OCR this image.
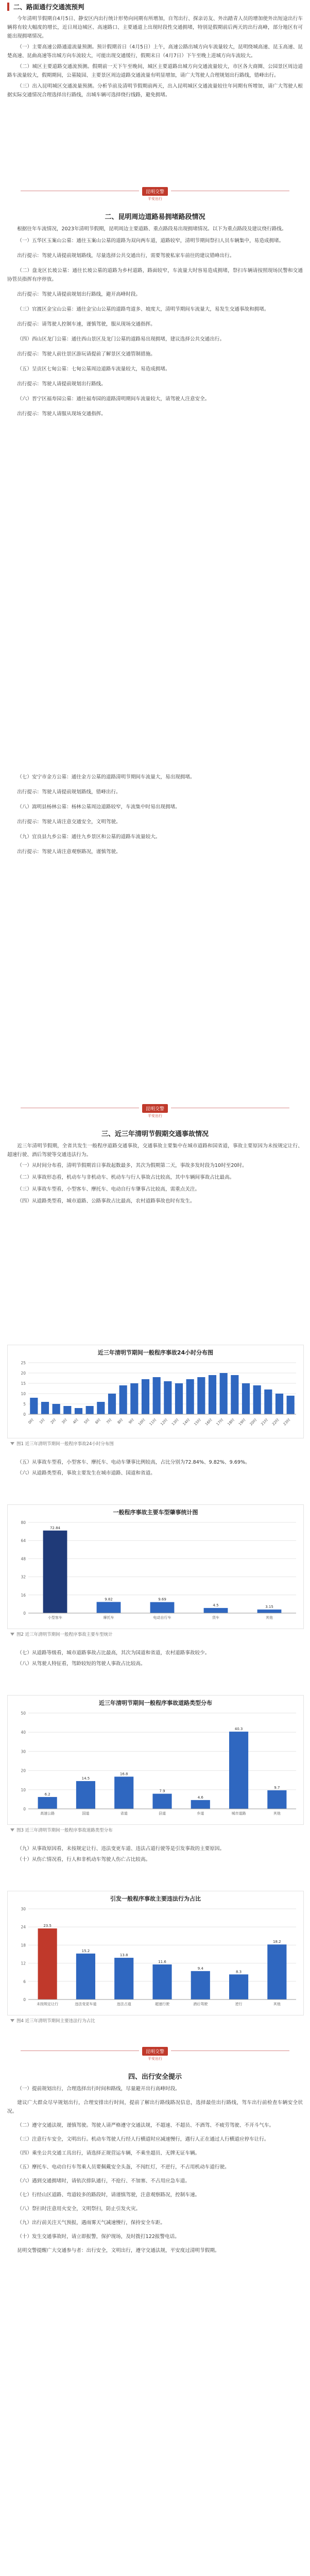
二、路面通行交通流预判

今年清明节假期自4月5日、静安区内出行统计形势向同期有所增加，自驾出行、探亲访友、外出踏青人员的增加使外出短途出行车辆将有较大幅度的增长，近日周边城区、高速路口、主要通道上出现时段性交通拥堵，特别是假期前后两天的出行高峰，部分地区有可能出现拥堵情况。

（一）主要高速公路通道流量预测。预计假期首日（4月5日）上午，高速公路出城方向车流量较大，昆明绕城高速、昆玉高速、昆楚高速、昆曲高速等出城方向车流较大，可能出现交通缓行，假期末日（4月7日）下午至晚上进城方向车流较大。

（二）城区主要道路交通流预测。假期前一天下午至晚间，城区主要道路出城方向交通流量较大，市区各大商圈、公园景区周边道路车流量较大，假期期间，公墓陵园、主要景区周边道路交通流量有明显增加，请广大驾驶人合理规划出行路线，错峰出行。

（三）出入昆明城区交通流量预测。分析节前及清明节假期前两天，出入昆明城区交通流量较往年同期有所增加，请广大驾驶人根据实际交通情况合理选择出行路线，出城车辆可选择绕行线路，避免拥堵。

昆明交警
平安出行
二、昆明周边道路易拥堵路段情况

根据往年车流情况，2023年清明节假期，昆明周边主要道路、重点路段易出现拥堵情况。以下为重点路段及建议绕行路线。

（一）五华区玉案山公墓：通往玉案山公墓的道路为双向两车道，道路较窄，清明节期间祭扫人员车辆集中，易造成拥堵。

出行提示：驾驶人请提前规划路线，尽量选择公共交通出行，需要驾驶私家车前往的建议错峰出行。

（二）盘龙区长坡公墓：通往长坡公墓的道路为乡村道路，路面较窄，车流量大时容易造成拥堵，祭扫车辆请按照现场民警和交通协管员指挥有序停放。

出行提示：驾驶人请提前规划出行路线，避开高峰时段。

（三）官渡区金宝山公墓：通往金宝山公墓的道路弯道多、坡度大，清明节期间车流量大，易发生交通事故和拥堵。

出行提示：请驾驶人控制车速，谨慎驾驶，服从现场交通指挥。

（四）西山区龙门公墓：通往西山景区及龙门公墓的道路易出现拥堵，建议选择公共交通出行。

出行提示：驾驶人前往景区游玩请提前了解景区交通管制措施。

（五）呈贡区七甸公墓：七甸公墓周边道路车流量较大，易造成拥堵。

出行提示：驾驶人请提前规划出行路线。

（六）晋宁区福寿园公墓：通往福寿园的道路清明期间车流量较大，请驾驶人注意安全。

出行提示：驾驶人请服从现场交通指挥。

（七）安宁市金方公墓：通往金方公墓的道路清明节期间车流量大，易出现拥堵。

出行提示：驾驶人请提前规划路线，错峰出行。

（八）嵩明县杨林公墓：杨林公墓周边道路较窄，车流集中时易出现拥堵。

出行提示：驾驶人请注意交通安全，文明驾驶。

（九）宜良县九乡公墓：通往九乡景区和公墓的道路车流量较大。

出行提示：驾驶人请注意观察路况，谨慎驾驶。

昆明交警
平安出行
三、近三年清明节假期交通事故情况

近三年清明节假期，全省共发生一般程序道路交通事故，交通事故主要集中在城市道路和国省道，事故主要原因为未按规定让行、超速行驶、酒后驾驶等交通违法行为。

（一）从时间分布看，清明节假期首日事故起数最多，其次为假期第二天，事故多发时段为10时至20时。

（二）从事故形态看，机动车与非机动车、机动车与行人事故占比较高，其中车辆间事故占比最高。

（三）从事故车型看，小型客车、摩托车、电动自行车肇事占比较高，需重点关注。

（四）从道路类型看，城市道路、公路事故占比最高，农村道路事故也时有发生。

近三年清明节期间一般程序事故24小时分布图
0
5
10
15
20
25
0时 1时 2时 3时 4时 5时 6时 7时 8时 9时 10时 11时 12时 13时 14时 15时 16时 17时 18时 19时 20时 21时 22时 23时
图1 近三年清明节期间一般程序事故24小时分布图

（五）从事故车型看，小型客车、摩托车、电动车肇事比例较高，占比分别为72.84%、9.82%、9.69%。

（六）从道路类型看，事故主要发生在城市道路、国道和省道。

一般程序事故主要车型肇事统计图
0
16
32
48
64
80
72.84
小型客车
9.82
摩托车
9.69
电动自行车
4.5
货车
3.15
其他
图2 近三年清明节期间一般程序事故主要车型统计

（七）从道路等级看，城市道路事故占比最高，其次为国道和省道，农村道路事故较少。

（八）从驾驶人特征看，驾龄较短的驾驶人事故占比较高。

近三年清明节期间一般程序事故道路类型分布
0
10
20
30
40
50
6.2
高速公路
14.5
国道
16.8
省道
7.9
县道
4.6
乡道
40.3
城市道路
9.7
其他
图3 近三年清明节期间一般程序事故道路类型分布

（九）从事故原因看，未按规定让行、违法变更车道、违法占道行驶等是引发事故的主要原因。

（十）从伤亡情况看，行人和非机动车驾驶人伤亡占比较高。

引发一般程序事故主要违法行为占比
0
6
12
18
24
30
23.5
未按规定让行
15.2
违法变更车道
13.8
违法占道
11.6
超速行驶
9.4
酒后驾驶
8.3
逆行
18.2
其他
图4 近三年清明节期间主要违法行为占比
昆明交警
平安出行
四、出行安全提示

（一）提前规划出行，合理选择出行时间和路线，尽量避开出行高峰时段。

建议广大群众尽早规划出行，合理安排出行时间，提前了解出行路线路况信息，选择最佳出行路线，驾车出行前检查车辆安全状况。

（二）遵守交通法规，谨慎驾驶。驾驶人请严格遵守交通法规，不超速、不超员、不酒驾、不疲劳驾驶、不开斗气车。

（三）注意行车安全，文明出行。机动车驾驶人行经人行横道时应减速慢行，遇行人正在通过人行横道应停车让行。

（四）乘坐公共交通工具出行，请选择正规营运车辆，不乘坐超员、无牌无证车辆。

（五）摩托车、电动自行车驾乘人员要佩戴安全头盔，不闯红灯，不逆行，不占用机动车道行驶。

（六）遇到交通拥堵时，请依次排队通行，不抢行、不加塞、不占用应急车道。

（七）行经山区道路、弯道较多的路段时，请谨慎驾驶，注意观察路况，控制车速。

（八）祭扫时注意用火安全，文明祭扫，防止引发火灾。

（九）出行前关注天气预报，遇雨雾天气减速慢行，保持安全车距。

（十）发生交通事故时，请立即报警，保护现场，及时拨打122报警电话。

昆明交警提醒广大交通参与者：出行安全，文明出行，遵守交通法规，平安度过清明节假期。
